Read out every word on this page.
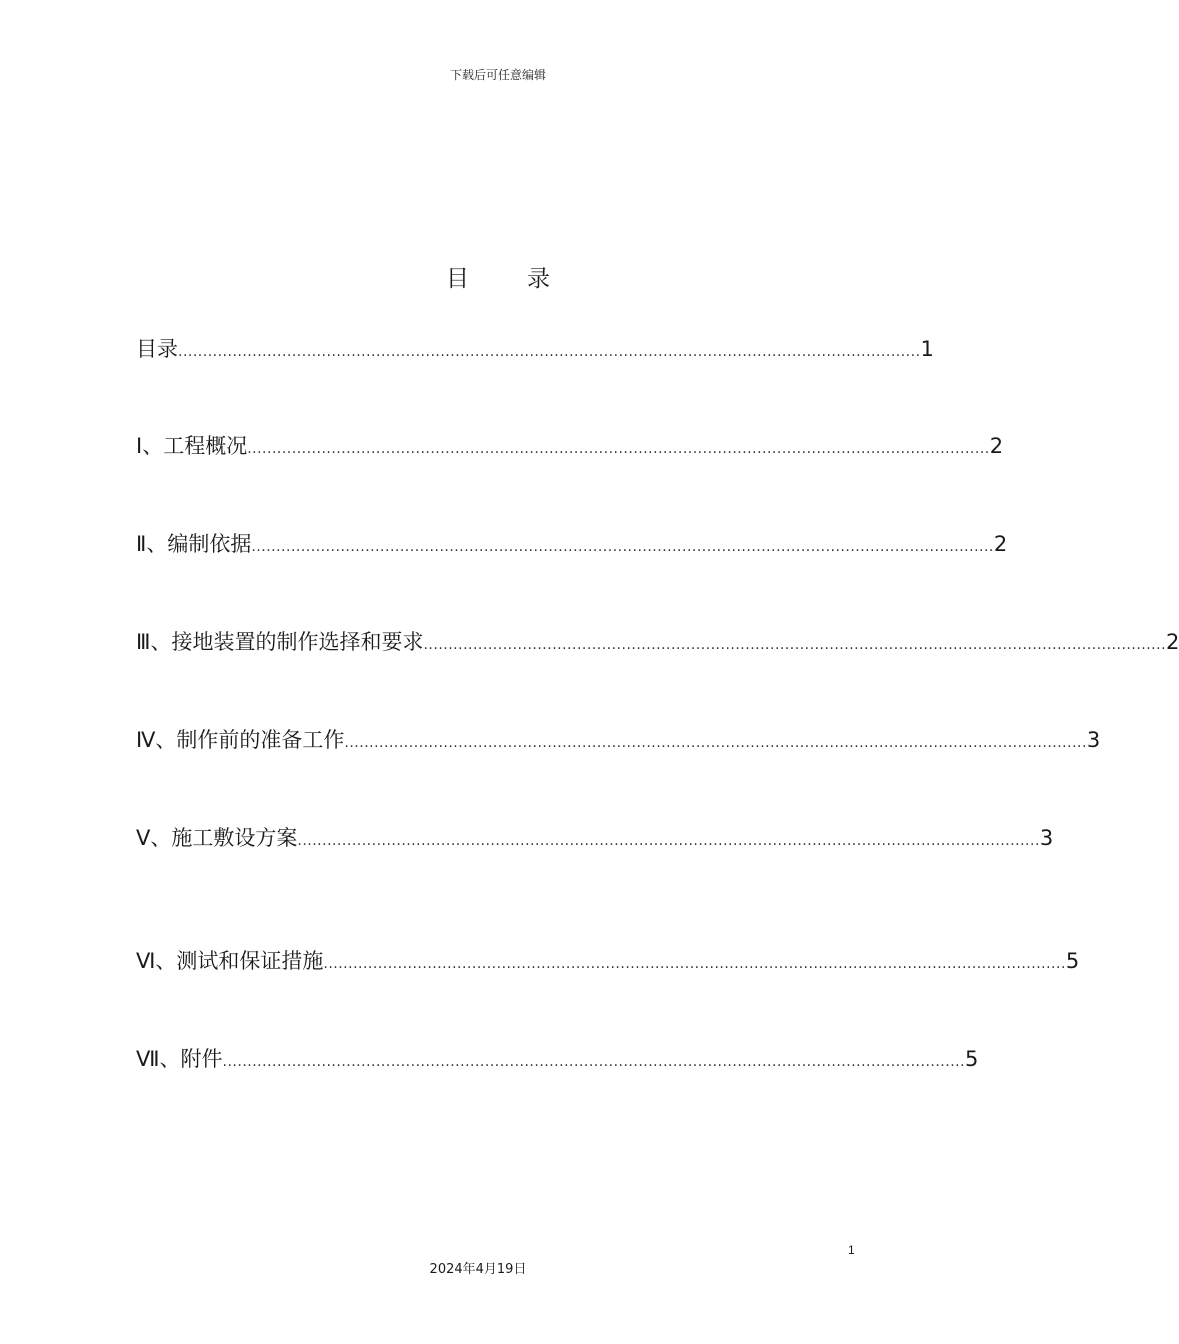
下载后可任意编辑
目	录
目录 ...................................................................................................................................................... 1
Ⅰ、工程概况 ...................................................................................................................................................... 2
Ⅱ、编制依据 ...................................................................................................................................................... 2
Ⅲ、接地装置的制作选择和要求 ...................................................................................................................................................... 2
Ⅳ、制作前的准备工作 ...................................................................................................................................................... 3
Ⅴ、施工敷设方案 ...................................................................................................................................................... 3
Ⅵ、测试和保证措施 ...................................................................................................................................................... 5
Ⅶ、附件 ...................................................................................................................................................... 5
1
2024年4月19日
